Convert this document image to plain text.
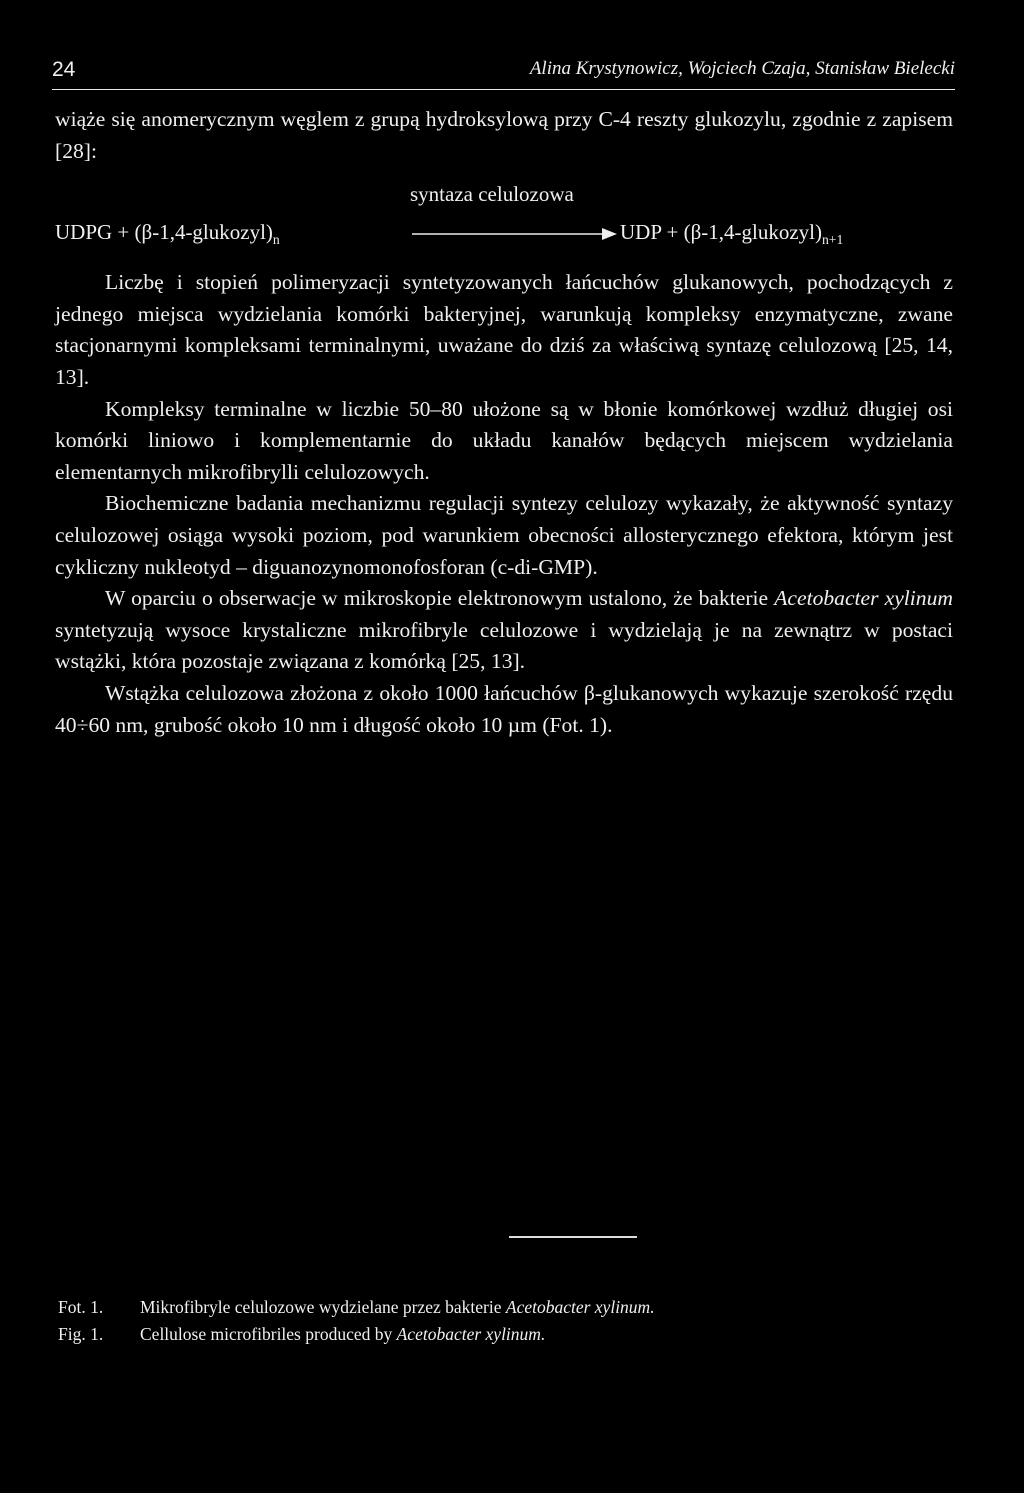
24	Alina Krystynowicz, Wojciech Czaja, Stanisław Bielecki

wiąże się anomerycznym węglem z grupą hydroksylową przy C-4 reszty glukozylu, zgodnie z zapisem [28]:

syntaza celulozowa
UDPG + $(\beta-1,4-glukozyl)_n$	UDP + $(\beta-1,4-glukozyl)_{n+1}$

Liczbę i stopień polimeryzacji syntetyzowanych łańcuchów glukanowych, pochodzących z jednego miejsca wydzielania komórki bakteryjnej, warunkują kompleksy enzymatyczne, zwane stacjonarnymi kompleksami terminalnymi, uważane do dziś za właściwą syntazę celulozową [25, 14, 13].

Kompleksy terminalne w liczbie 50–80 ułożone są w błonie komórkowej wzdłuż długiej osi komórki liniowo i komplementarnie do układu kanałów będących miejscem wydzielania elementarnych mikrofibrylli celulozowych.

Biochemiczne badania mechanizmu regulacji syntezy celulozy wykazały, że aktywność syntazy celulozowej osiąga wysoki poziom, pod warunkiem obecności allosterycznego efektora, którym jest cykliczny nukleotyd – diguanozynomonofosforan (c-di-GMP).

W oparciu o obserwacje w mikroskopie elektronowym ustalono, że bakterie Acetobacter xylinum syntetyzują wysoce krystaliczne mikrofibryle celulozowe i wydzielają je na zewnątrz w postaci wstążki, która pozostaje związana z komórką [25, 13].

Wstążka celulozowa złożona z około 1000 łańcuchów β-glukanowych wykazuje szerokość rzędu 40÷60 nm, grubość około 10 nm i długość około 10 µm (Fot. 1).

Fot. 1. Mikrofibryle celulozowe wydzielane przez bakterie Acetobacter xylinum.
Fig. 1. Cellulose microfibriles produced by Acetobacter xylinum.
